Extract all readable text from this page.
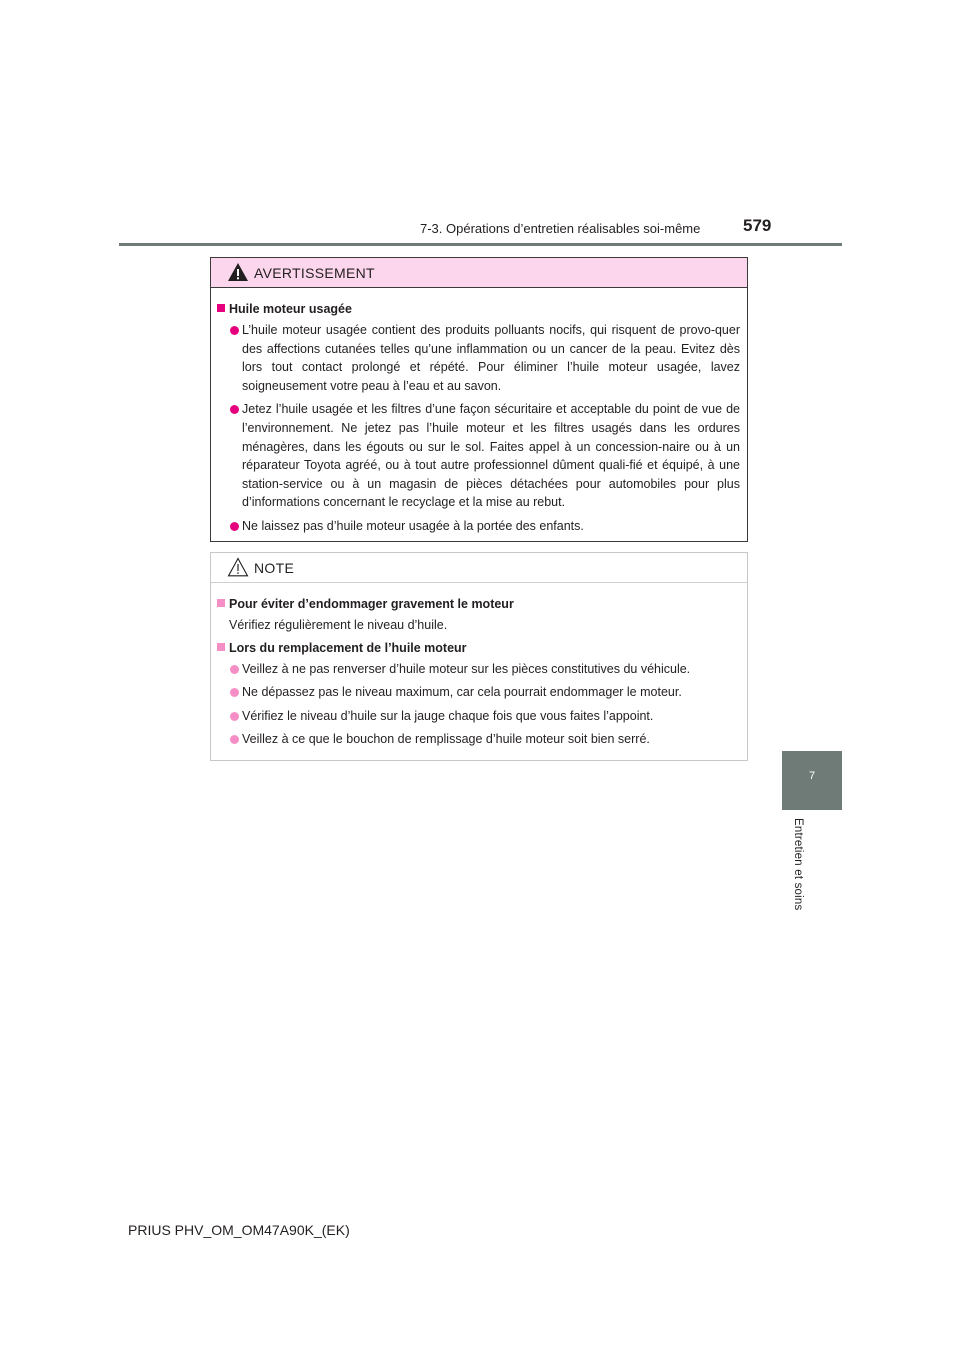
7-3. Opérations d’entretien réalisables soi-même	579
7
Entretien et soins
AVERTISSEMENT
Huile moteur usagée
L’huile moteur usagée contient des produits polluants nocifs, qui risquent de provo-quer des affections cutanées telles qu’une inflammation ou un cancer de la peau. Evitez dès lors tout contact prolongé et répété. Pour éliminer l’huile moteur usagée, lavez soigneusement votre peau à l’eau et au savon.
Jetez l’huile usagée et les filtres d’une façon sécuritaire et acceptable du point de vue de l’environnement. Ne jetez pas l’huile moteur et les filtres usagés dans les ordures ménagères, dans les égouts ou sur le sol. Faites appel à un concession-naire ou à un réparateur Toyota agréé, ou à tout autre professionnel dûment quali-fié et équipé, à une station-service ou à un magasin de pièces détachées pour automobiles pour plus d’informations concernant le recyclage et la mise au rebut.
Ne laissez pas d’huile moteur usagée à la portée des enfants.
NOTE
Pour éviter d’endommager gravement le moteur
Vérifiez régulièrement le niveau d’huile.
Lors du remplacement de l’huile moteur
Veillez à ne pas renverser d’huile moteur sur les pièces constitutives du véhicule.
Ne dépassez pas le niveau maximum, car cela pourrait endommager le moteur.
Vérifiez le niveau d’huile sur la jauge chaque fois que vous faites l’appoint.
Veillez à ce que le bouchon de remplissage d’huile moteur soit bien serré.
PRIUS PHV_OM_OM47A90K_(EK)
